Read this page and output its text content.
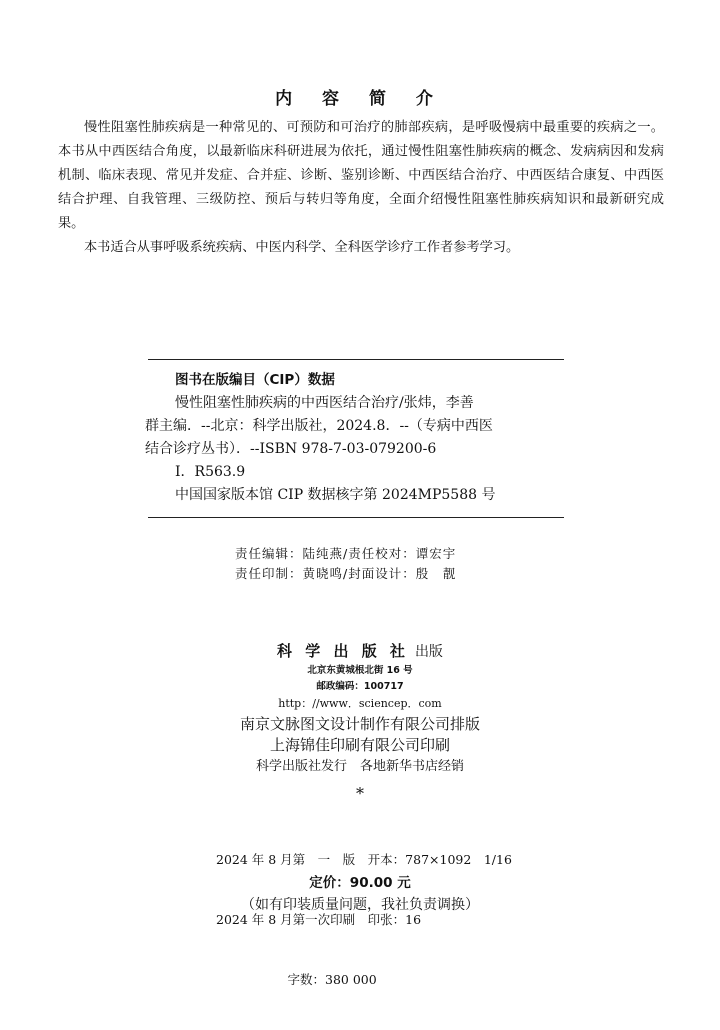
内 容 简 介

慢性阻塞性肺疾病是一种常见的、可预防和可治疗的肺部疾病，是呼吸慢病中最重要的疾病之一。本书从中西医结合角度，以最新临床科研进展为依托，通过慢性阻塞性肺疾病的概念、发病病因和发病机制、临床表现、常见并发症、合并症、诊断、鉴别诊断、中西医结合治疗、中西医结合康复、中西医结合护理、自我管理、三级防控、预后与转归等角度，全面介绍慢性阻塞性肺疾病知识和最新研究成果。

本书适合从事呼吸系统疾病、中医内科学、全科医学诊疗工作者参考学习。

图书在版编目（CIP）数据
慢性阻塞性肺疾病的中西医结合治疗/张炜，李善
群主编．--北京：科学出版社，2024.8．--（专病中西医
结合诊疗丛书）．--ISBN 978-7-03-079200-6
Ⅰ．R563.9
中国国家版本馆 CIP 数据核字第 2024MP5588 号
责任编辑：陆纯燕/责任校对：谭宏宇
责任印制：黄晓鸣/封面设计：殷　靓
科 学 出 版 社 出版
北京东黄城根北街 16 号
邮政编码：100717
http：//www．sciencep．com
南京文脉图文设计制作有限公司排版
上海锦佳印刷有限公司印刷
科学出版社发行　各地新华书店经销
*

2024 年 8 月第　一　版　开本：787×1092　1/16

2024 年 8 月第一次印刷　印张：16

字数：380 000

定价：90.00 元
（如有印装质量问题，我社负责调换）
